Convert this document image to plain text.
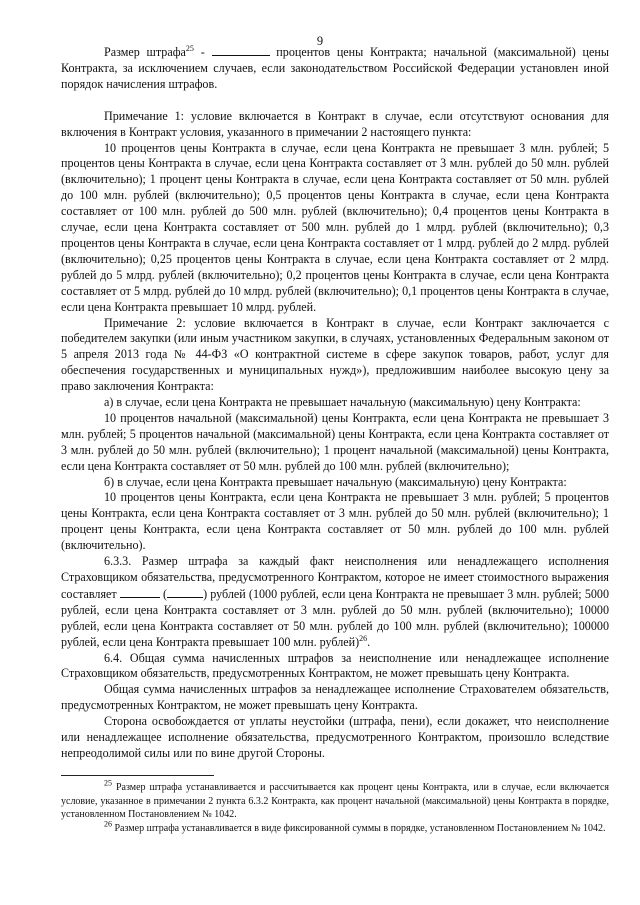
9

Размер штрафа$^{25}$ -	процентов цены Контракта; начальной (максимальной) цены Контракта, за исключением случаев, если законодательством Российской Федерации установлен иной порядок начисления штрафов.

Примечание 1: условие включается в Контракт в случае, если отсутствуют основания для включения в Контракт условия, указанного в примечании 2 настоящего пункта:

10 процентов цены Контракта в случае, если цена Контракта не превышает 3 млн. рублей; 5 процентов цены Контракта в случае, если цена Контракта составляет от 3 млн. рублей до 50 млн. рублей (включительно); 1 процент цены Контракта в случае, если цена Контракта составляет от 50 млн. рублей до 100 млн. рублей (включительно); 0,5 процентов цены Контракта в случае, если цена Контракта составляет от 100 млн. рублей до 500 млн. рублей (включительно); 0,4 процентов цены Контракта в случае, если цена Контракта составляет от 500 млн. рублей до 1 млрд. рублей (включительно); 0,3 процентов цены Контракта в случае, если цена Контракта составляет от 1 млрд. рублей до 2 млрд. рублей (включительно); 0,25 процентов цены Контракта в случае, если цена Контракта составляет от 2 млрд. рублей до 5 млрд. рублей (включительно); 0,2 процентов цены Контракта в случае, если цена Контракта составляет от 5 млрд. рублей до 10 млрд. рублей (включительно); 0,1 процентов цены Контракта в случае, если цена Контракта превышает 10 млрд. рублей.

Примечание 2: условие включается в Контракт в случае, если Контракт заключается с победителем закупки (или иным участником закупки, в случаях, установленных Федеральным законом от 5 апреля 2013 года № 44-ФЗ «О контрактной системе в сфере закупок товаров, работ, услуг для обеспечения государственных и муниципальных нужд»), предложившим наиболее высокую цену за право заключения Контракта:

а) в случае, если цена Контракта не превышает начальную (максимальную) цену Контракта:

10 процентов начальной (максимальной) цены Контракта, если цена Контракта не превышает 3 млн. рублей; 5 процентов начальной (максимальной) цены Контракта, если цена Контракта составляет от 3 млн. рублей до 50 млн. рублей (включительно); 1 процент начальной (максимальной) цены Контракта, если цена Контракта составляет от 50 млн. рублей до 100 млн. рублей (включительно);

б) в случае, если цена Контракта превышает начальную (максимальную) цену Контракта:

10 процентов цены Контракта, если цена Контракта не превышает 3 млн. рублей; 5 процентов цены Контракта, если цена Контракта составляет от 3 млн. рублей до 50 млн. рублей (включительно); 1 процент цены Контракта, если цена Контракта составляет от 50 млн. рублей до 100 млн. рублей (включительно).

6.3.3. Размер штрафа за каждый факт неисполнения или ненадлежащего исполнения Страховщиком обязательства, предусмотренного Контрактом, которое не имеет стоимостного выражения составляет	(	) рублей (1000 рублей, если цена Контракта не превышает 3 млн. рублей; 5000 рублей, если цена Контракта составляет от 3 млн. рублей до 50 млн. рублей (включительно); 10000 рублей, если цена Контракта составляет от 50 млн. рублей до 100 млн. рублей (включительно); 100000 рублей, если цена Контракта превышает 100 млн. рублей)$^{26}$.

6.4. Общая сумма начисленных штрафов за неисполнение или ненадлежащее исполнение Страховщиком обязательств, предусмотренных Контрактом, не может превышать цену Контракта.

Общая сумма начисленных штрафов за ненадлежащее исполнение Страхователем обязательств, предусмотренных Контрактом, не может превышать цену Контракта.

Сторона освобождается от уплаты неустойки (штрафа, пени), если докажет, что неисполнение или ненадлежащее исполнение обязательства, предусмотренного Контрактом, произошло вследствие непреодолимой силы или по вине другой Стороны.

$^{25}$ Размер штрафа устанавливается и рассчитывается как процент цены Контракта, или в случае, если включается условие, указанное в примечании 2 пункта 6.3.2 Контракта, как процент начальной (максимальной) цены Контракта в порядке, установленном Постановлением № 1042.

$^{26}$ Размер штрафа устанавливается в виде фиксированной суммы в порядке, установленном Постановлением № 1042.
